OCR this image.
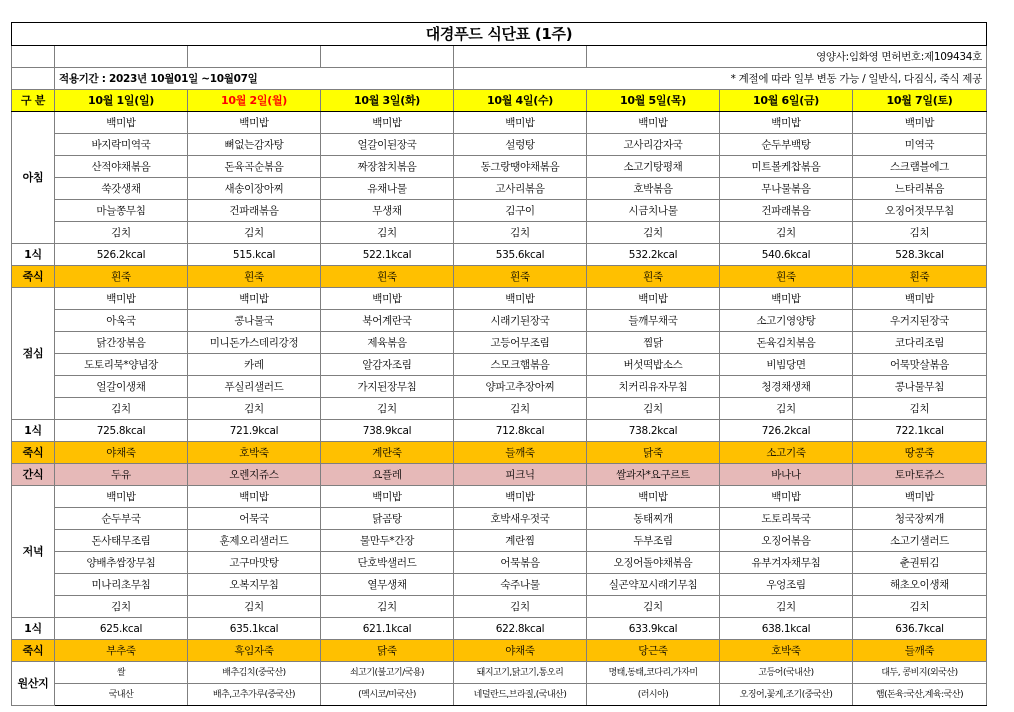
대경푸드 식단표 (1주)							
					영양사:임화영 면허번호:제109434호		
	적용기간 : 2023년 10월01일 ~10월07일			* 계절에 따라 일부 변동 가능 / 일반식, 다짐식, 죽식 제공			
구 분	10월 1일(일)	10월 2일(월)	10월 3일(화)	10월 4일(수)	10월 5일(목)	10월 6일(금)	10월 7일(토)
아침	백미밥	백미밥	백미밥	백미밥	백미밥	백미밥	백미밥
	바지락미역국	뼈없는감자탕	얼갈이된장국	설렁탕	고사리감자국	순두부백탕	미역국
	산적야채볶음	돈육곡순볶음	짜장참치볶음	동그랑땡야채볶음	소고기탕평채	미트볼케찹볶음	스크램블에그
	쑥갓생채	새송이장아찌	유채나물	고사리볶음	호박볶음	무나물볶음	느타리볶음
	마늘쫑무침	건파래볶음	무생채	김구이	시금치나물	건파래볶음	오징어젓무무침
	김치	김치	김치	김치	김치	김치	김치
1식	526.2kcal	515.kcal	522.1kcal	535.6kcal	532.2kcal	540.6kcal	528.3kcal
죽식	흰죽	흰죽	흰죽	흰죽	흰죽	흰죽	흰죽
점심	백미밥	백미밥	백미밥	백미밥	백미밥	백미밥	백미밥
	아욱국	콩나물국	북어계란국	시래기된장국	들깨무채국	소고기영양탕	우거지된장국
	닭간장볶음	미니돈가스데리강정	제육볶음	고등어무조림	찜닭	돈육김치볶음	코다리조림
	도토리묵*양념장	카레	알감자조림	스모크햄볶음	버섯떡밥소스	비빔당면	어묵맛살볶음
	얼갈이생채	푸실리샐러드	가지된장무침	양파고추장아찌	치커리유자무침	청경채생채	콩나물무침
	김치	김치	김치	김치	김치	김치	김치
1식	725.8kcal	721.9kcal	738.9kcal	712.8kcal	738.2kcal	726.2kcal	722.1kcal
죽식	야채죽	호박죽	계란죽	들깨죽	닭죽	소고기죽	땅콩죽
간식	두유	오렌지쥬스	요플레	피크닉	쌀과자*요구르트	바나나	토마토쥬스
저녁	백미밥	백미밥	백미밥	백미밥	백미밥	백미밥	백미밥
	순두부국	어묵국	닭곰탕	호박새우젓국	동태찌개	도토리묵국	청국장찌개
	돈사태무조림	훈제오리샐러드	물만두*간장	계란찜	두부조림	오징어볶음	소고기샐러드
	양배추쌈장무침	고구마맛탕	단호박샐러드	어묵볶음	오징어돌야채볶음	유부겨자채무침	춘권튀김
	미나리초무침	오복지무침	열무생채	숙주나물	실곤약꼬시래기무침	우엉조림	해초오이생채
	김치	김치	김치	김치	김치	김치	김치
1식	625.kcal	635.1kcal	621.1kcal	622.8kcal	633.9kcal	638.1kcal	636.7kcal
죽식	부추죽	흑임자죽	닭죽	야채죽	당근죽	호박죽	들깨죽
원산지	쌀	배추김치(중국산)	쇠고기(불고기/국용)	돼지고기,닭고기,통오리	명태,동태,코다리,가자미	고등어(국내산)	대두, 콩비지(외국산)
	국내산	배추,고추가루(중국산)	(멕시코/미국산)	네덜란드,브라질,(국내산)	(러시아)	오징어,꽃게,조기(중국산)	햄(돈육:국산,계육:국산)
